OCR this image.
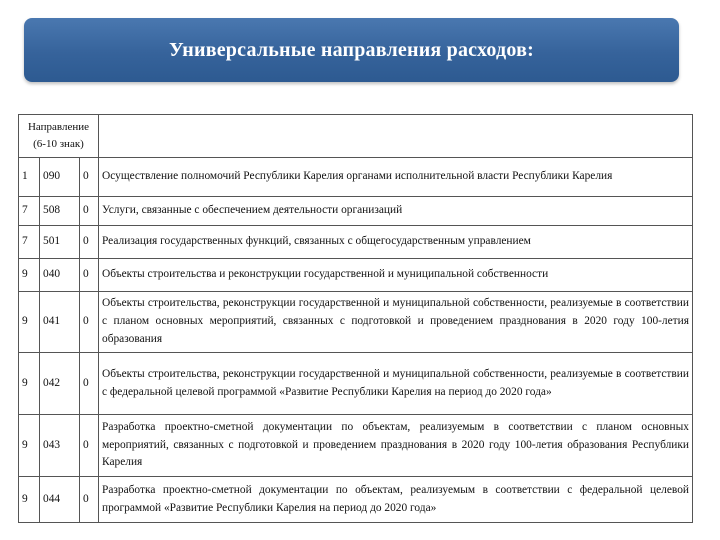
Универсальные направления расходов:
Направление (6-10 знак)			
1	090	0	Осуществление полномочий Республики Карелия органами исполнительной власти Республики Карелия

7	508	0	Услуги, связанные с обеспечением деятельности организаций

7	501	0	Реализация государственных функций, связанных с общегосударственным управлением

9	040	0	Объекты строительства и реконструкции государственной и муниципальной собственности

9	041	0	Объекты строительства, реконструкции государственной и муниципальной собственности, реализуемые в соответствии с планом основных мероприятий, связанных с подготовкой и проведением празднования в 2020 году 100-летия образования

9	042	0	Объекты строительства, реконструкции государственной и муниципальной собственности, реализуемые в соответствии с федеральной целевой программой «Развитие Республики Карелия на период до 2020 года»

9	043	0	Разработка проектно-сметной документации по объектам, реализуемым в соответствии с планом основных мероприятий, связанных с подготовкой и проведением празднования в 2020 году 100-летия образования Республики Карелия

9	044	0	Разработка проектно-сметной документации по объектам, реализуемым в соответствии с федеральной целевой программой «Развитие Республики Карелия на период до 2020 года»
